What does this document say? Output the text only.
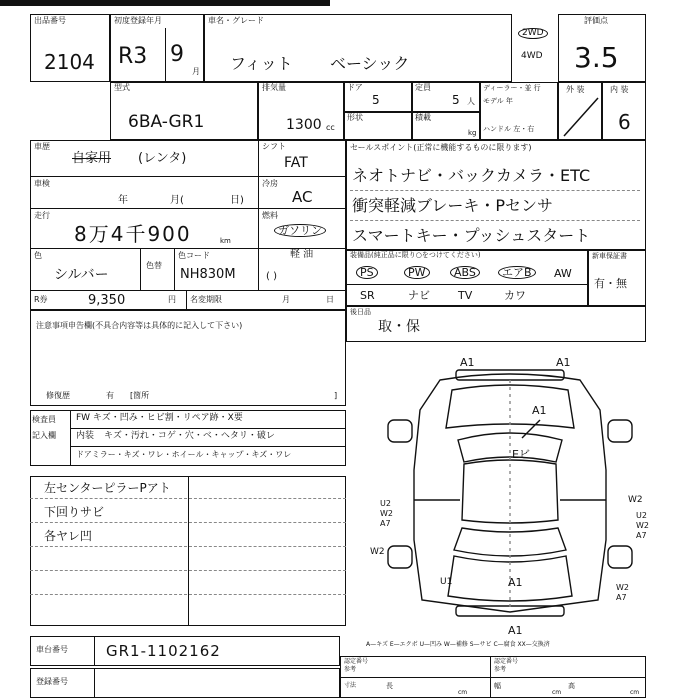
出品番号
2104
初度登録年月
R3 9
月
車名・グレード
フィット ベーシック
2WD
4WD
評価点
3.5
型式
6BA-GR1
排気量
1300 cc
ドア
5
定員
5 人
ディーラー・並 行
モデル 年
ハンドル 左・右
形状	積載
kg
外 装	内 装
6
車歴
自家用 (レンタ)
シフト
FAT
車検
年	月(	日)
冷房
AC
走行
8万4千900	km
燃料
ガソリン
軽 油
( )
色
シルバー
色替
色コード
NH830M
R券	9,350	円 名変期限	月	日
セールスポイント(正常に機能するものに限ります)
ネオトナビ・バックカメラ・ETC
衝突軽減ブレーキ・Pセンサ
スマートキー・プッシュスタート
装備品(純正品に限り○をつけてください)
PS	PW	ABS	エアB	AW
SR	ナビ	TV	カワ
新車保証書
有・無
後日品
取・保
注意事項申告欄(不具合内容等は具体的に記入して下さい)
修復歴	有 [箇所	]
検査員
記入欄
FW キズ・凹み・ヒビ割・リペア跡・X要
内装 キズ・汚れ・コゲ・穴・ベ・ヘタリ・破レ
ドアミラー・キズ・ワレ・ホイール・キャップ・キズ・ワレ
左センターピラーPアト
下回りサビ
各ヤレ凹
A1	A1
A1
A1
A1
Eビ
U2
W2
A7
W2
W2
U2
W2
A7
U1
W2
A7
A1
A—キズ E—エクボ U—凹み W—補修 S—サビ C—腐食 XX—交換済
車台番号	GR1-1102162
登録番号
認定番号
参考
認定番号
参考
寸法	長
cm
幅
cm
高
cm
